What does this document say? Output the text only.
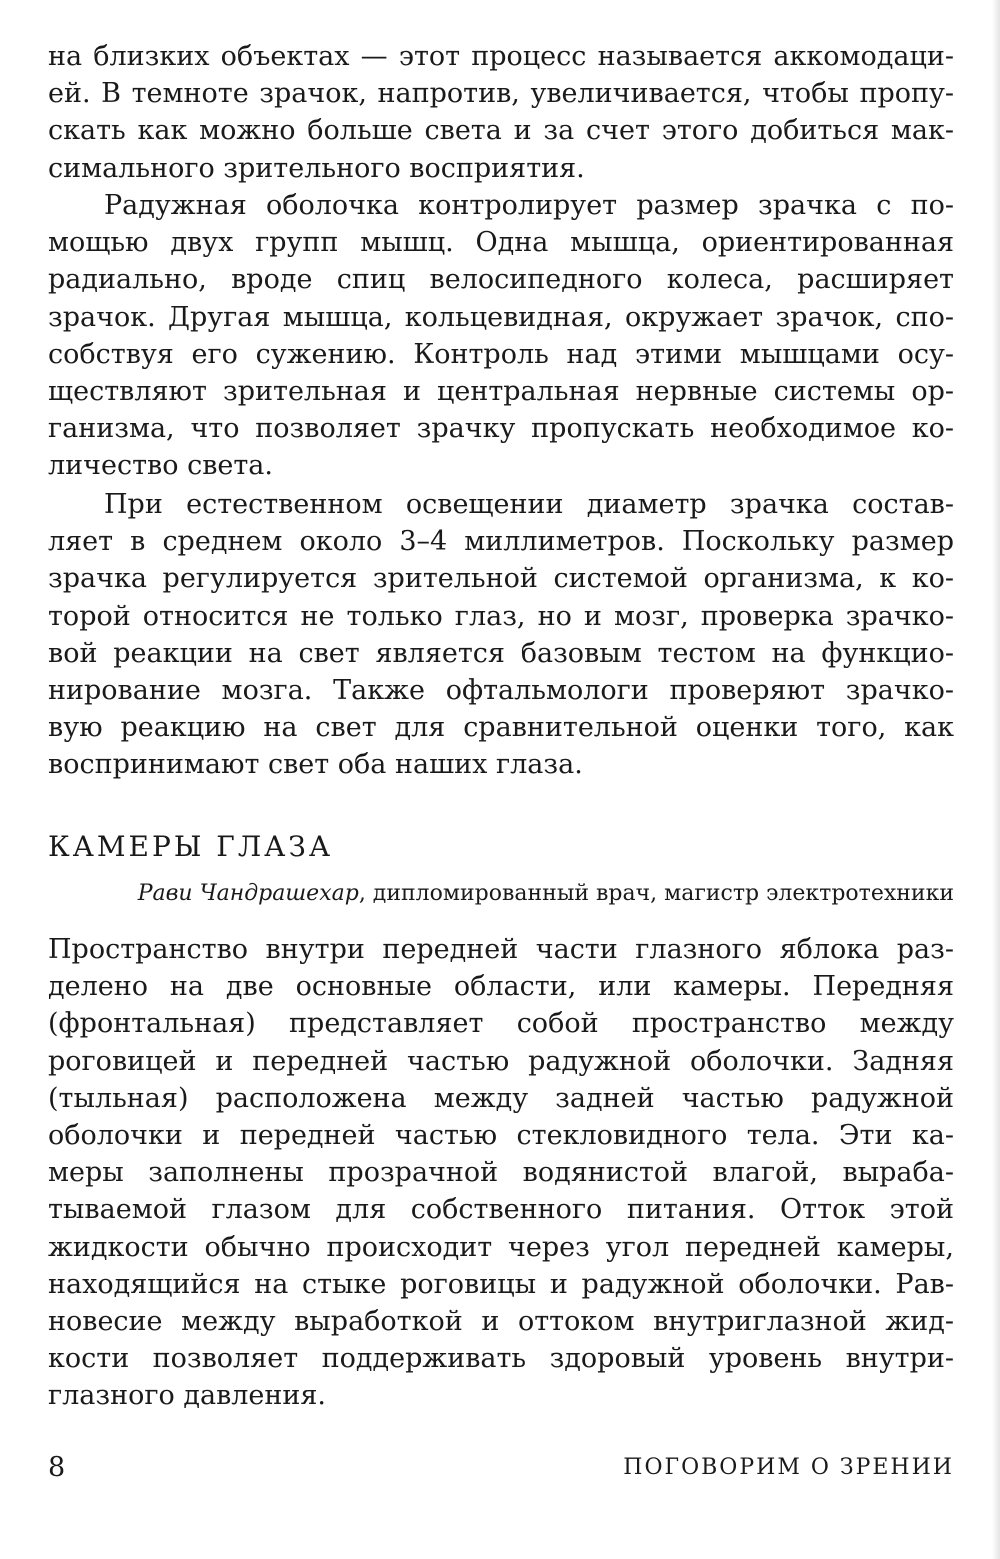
на близких объектах — этот процесс называется аккомодаци-

ей. В темноте зрачок, напротив, увеличивается, чтобы пропу-

скать как можно больше света и за счет этого добиться мак-

симального зрительного восприятия.

Радужная оболочка контролирует размер зрачка с по-

мощью двух групп мышц. Одна мышца, ориентированная

радиально, вроде спиц велосипедного колеса, расширяет

зрачок. Другая мышца, кольцевидная, окружает зрачок, спо-

собствуя его сужению. Контроль над этими мышцами осу-

ществляют зрительная и центральная нервные системы ор-

ганизма, что позволяет зрачку пропускать необходимое ко-

личество света.

При естественном освещении диаметр зрачка состав-

ляет в среднем около 3–4 миллиметров. Поскольку размер

зрачка регулируется зрительной системой организма, к ко-

торой относится не только глаз, но и мозг, проверка зрачко-

вой реакции на свет является базовым тестом на функцио-

нирование мозга. Также офтальмологи проверяют зрачко-

вую реакцию на свет для сравнительной оценки того, как

воспринимают свет оба наших глаза.

КАМЕРЫ ГЛАЗА

Рави Чандрашехар, дипломированный врач, магистр электротехники

Пространство внутри передней части глазного яблока раз-

делено на две основные области, или камеры. Передняя

(фронтальная) представляет собой пространство между

роговицей и передней частью радужной оболочки. Задняя

(тыльная) расположена между задней частью радужной

оболочки и передней частью стекловидного тела. Эти ка-

меры заполнены прозрачной водянистой влагой, выраба-

тываемой глазом для собственного питания. Отток этой

жидкости обычно происходит через угол передней камеры,

находящийся на стыке роговицы и радужной оболочки. Рав-

новесие между выработкой и оттоком внутриглазной жид-

кости позволяет поддерживать здоровый уровень внутри-

глазного давления.

8	ПОГОВОРИМ О ЗРЕНИИ
